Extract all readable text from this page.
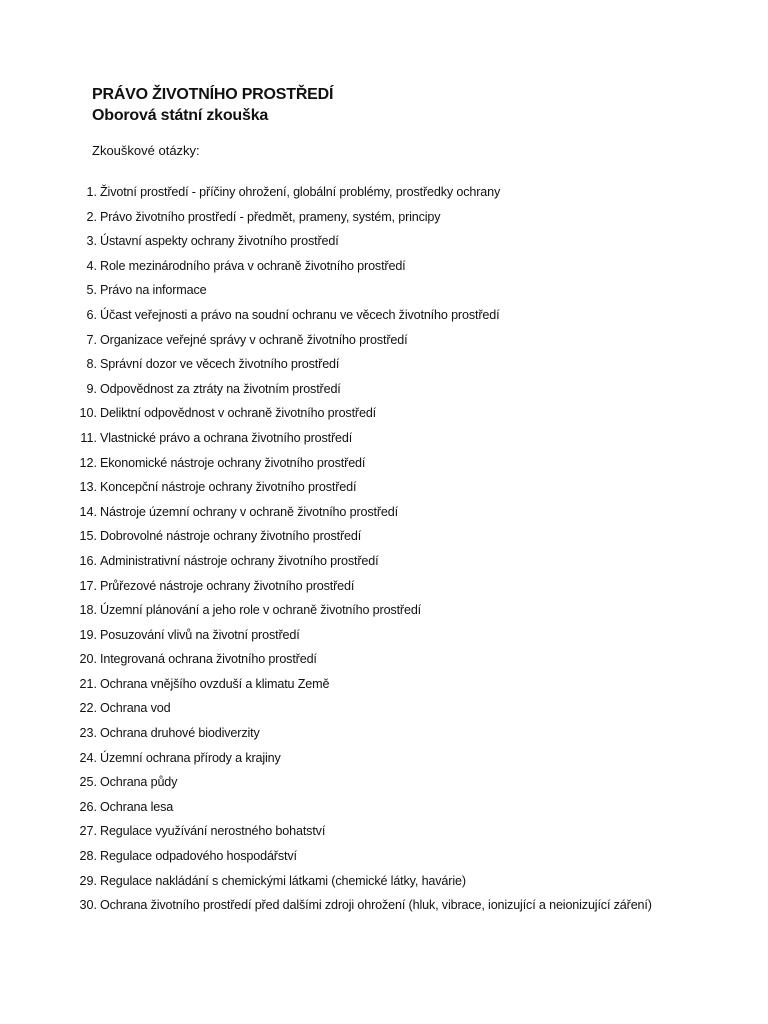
PRÁVO ŽIVOTNÍHO PROSTŘEDÍ
Oborová státní zkouška
Zkouškové otázky:
1. Životní prostředí - příčiny ohrožení, globální problémy, prostředky ochrany
2. Právo životního prostředí - předmět, prameny, systém, principy
3. Ústavní aspekty ochrany životního prostředí
4. Role mezinárodního práva v ochraně životního prostředí
5. Právo na informace
6. Účast veřejnosti a právo na soudní ochranu ve věcech životního prostředí
7. Organizace veřejné správy v ochraně životního prostředí
8. Správní dozor ve věcech životního prostředí
9. Odpovědnost za ztráty na životním prostředí
10. Deliktní odpovědnost v ochraně životního prostředí
11. Vlastnické právo a ochrana životního prostředí
12. Ekonomické nástroje ochrany životního prostředí
13. Koncepční nástroje ochrany životního prostředí
14. Nástroje územní ochrany v ochraně životního prostředí
15. Dobrovolné nástroje ochrany životního prostředí
16. Administrativní nástroje ochrany životního prostředí
17. Průřezové nástroje ochrany životního prostředí
18. Územní plánování a jeho role v ochraně životního prostředí
19. Posuzování vlivů na životní prostředí
20. Integrovaná ochrana životního prostředí
21. Ochrana vnějšího ovzduší a klimatu Země
22. Ochrana vod
23. Ochrana druhové biodiverzity
24. Územní ochrana přírody a krajiny
25. Ochrana půdy
26. Ochrana lesa
27. Regulace využívání nerostného bohatství
28. Regulace odpadového hospodářství
29. Regulace nakládání s chemickými látkami (chemické látky, havárie)
30. Ochrana životního prostředí před dalšími zdroji ohrožení (hluk, vibrace, ionizující a neionizující záření)
